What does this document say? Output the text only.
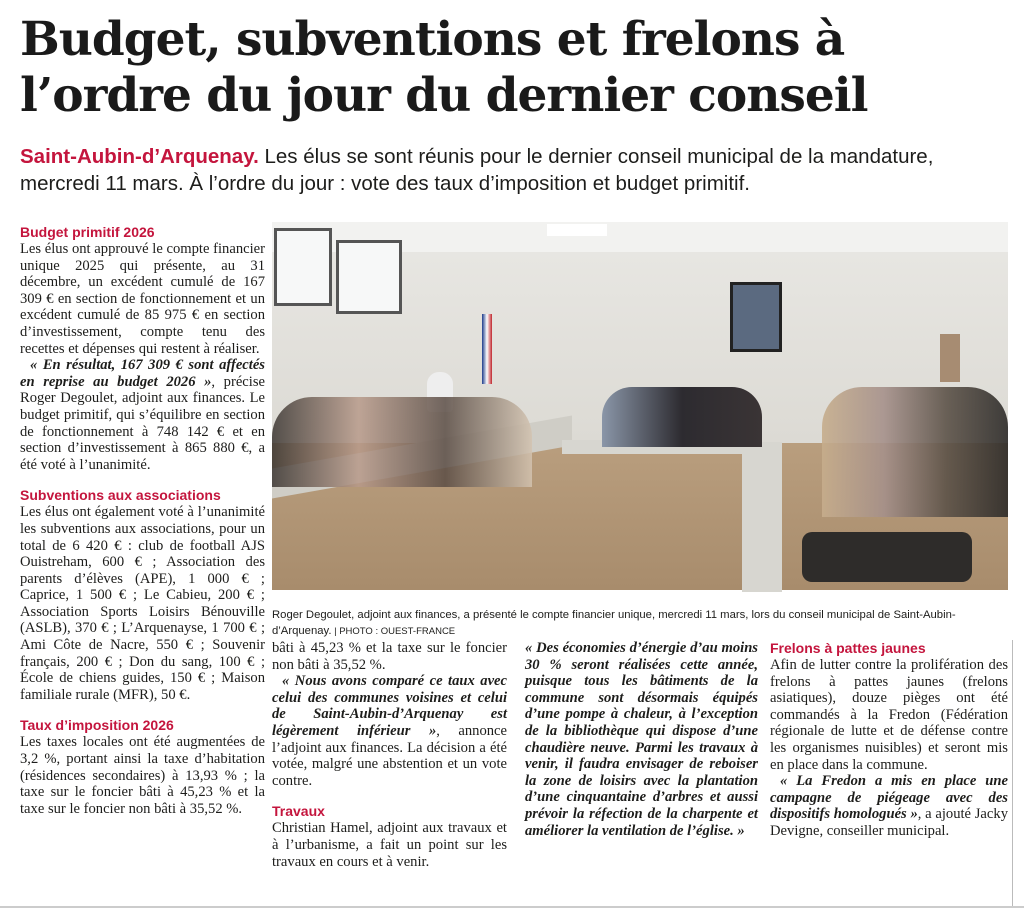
Budget, subventions et frelons à l’ordre du jour du dernier conseil

Saint-Aubin-d’Arquenay. Les élus se sont réunis pour le dernier conseil municipal de la mandature, mercredi 11 mars. À l’ordre du jour : vote des taux d’imposition et budget primitif.

Budget primitif 2026

Les élus ont approuvé le compte financier unique 2025 qui présente, au 31 décembre, un excédent cumulé de 167 309 € en section de fonctionnement et un excédent cumulé de 85 975 € en section d’investissement, compte tenu des recettes et dépenses qui restent à réaliser.

« En résultat, 167 309 € sont affectés en reprise au budget 2026 », précise Roger Degoulet, adjoint aux finances. Le budget primitif, qui s’équilibre en section de fonctionnement à 748 142 € et en section d’investissement à 865 880 €, a été voté à l’unanimité.

Subventions aux associations

Les élus ont également voté à l’unanimité les subventions aux associations, pour un total de 6 420 € : club de football AJS Ouistreham, 600 € ; Association des parents d’élèves (APE), 1 000 € ; Caprice, 1 500 € ; Le Cabieu, 200 € ; Association Sports Loisirs Bénouville (ASLB), 370 € ; L’Arquenayse, 1 700 € ; Ami Côte de Nacre, 550 € ; Souvenir français, 200 € ; Don du sang, 100 € ; École de chiens guides, 150 € ; Maison familiale rurale (MFR), 50 €.

Taux d’imposition 2026

Les taxes locales ont été augmentées de 3,2 %, portant ainsi la taxe d’habitation (résidences secondaires) à 13,93 % ; la taxe sur le foncier bâti à 45,23 % et la taxe sur le foncier non bâti à 35,52 %.

Roger Degoulet, adjoint aux finances, a présenté le compte financier unique, mercredi 11 mars, lors du conseil municipal de Saint-Aubin-d’Arquenay. | PHOTO : OUEST-FRANCE

bâti à 45,23 % et la taxe sur le foncier non bâti à 35,52 %.

« Nous avons comparé ce taux avec celui des communes voisines et celui de Saint-Aubin-d’Arquenay est légèrement inférieur », annonce l’adjoint aux finances. La décision a été votée, malgré une abstention et un vote contre.

Travaux

Christian Hamel, adjoint aux travaux et à l’urbanisme, a fait un point sur les travaux en cours et à venir.

« Des économies d’énergie d’au moins 30 % seront réalisées cette année, puisque tous les bâtiments de la commune sont désormais équipés d’une pompe à chaleur, à l’exception de la bibliothèque qui dispose d’une chaudière neuve. Parmi les travaux à venir, il faudra envisager de reboiser la zone de loisirs avec la plantation d’une cinquantaine d’arbres et aussi prévoir la réfection de la charpente et améliorer la ventilation de l’église. »

Frelons à pattes jaunes

Afin de lutter contre la prolifération des frelons à pattes jaunes (frelons asiatiques), douze pièges ont été commandés à la Fredon (Fédération régionale de lutte et de défense contre les organismes nuisibles) et seront mis en place dans la commune.

« La Fredon a mis en place une campagne de piégeage avec des dispositifs homologués », a ajouté Jacky Devigne, conseiller municipal.
